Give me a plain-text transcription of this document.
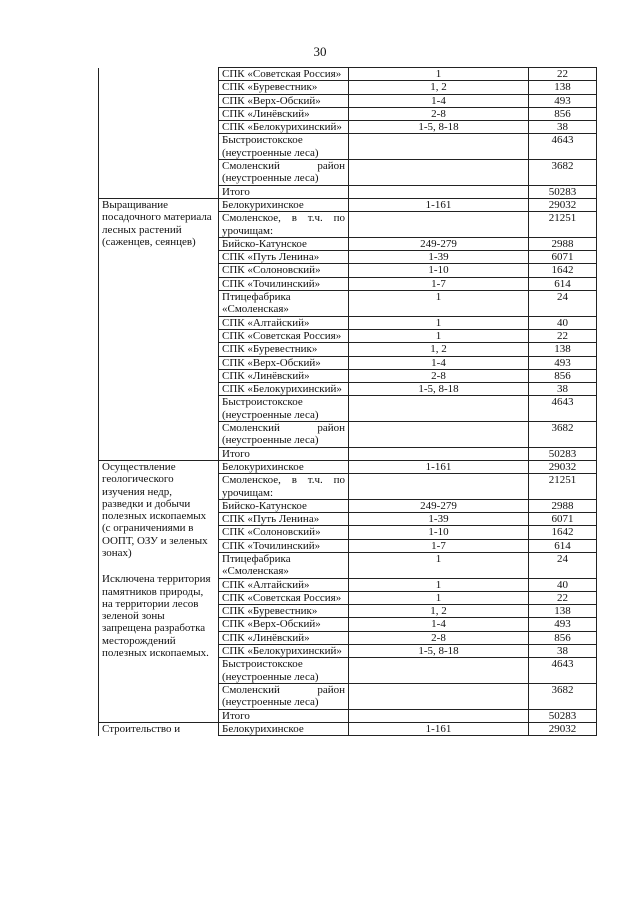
30
	СПК «Советская Россия»	1	22
	СПК «Буревестник»	1, 2	138
	СПК «Верх-Обский»	1-4	493
	СПК «Линёвский»	2-8	856
	СПК «Белокурихинский»	1-5, 8-18	38
	Быстроистокское (неустроенные леса)		4643
	Смоленский район (неустроенные леса)		3682
	Итого		50283

Выращивание посадочного материала лесных растений (саженцев, сеянцев)	Белокурихинское	1-161	29032
	Смоленское, в т.ч. по урочищам:		21251
	Бийско-Катунское	249-279	2988
	СПК «Путь Ленина»	1-39	6071
	СПК «Солоновский»	1-10	1642
	СПК «Точилинский»	1-7	614
	Птицефабрика «Смоленская»	1	24
	СПК «Алтайский»	1	40
	СПК «Советская Россия»	1	22
	СПК «Буревестник»	1, 2	138
	СПК «Верх-Обский»	1-4	493
	СПК «Линёвский»	2-8	856
	СПК «Белокурихинский»	1-5, 8-18	38
	Быстроистокское (неустроенные леса)		4643
	Смоленский район (неустроенные леса)		3682
	Итого		50283

Осуществление геологического изучения недр, разведки и добычи полезных ископаемых (с ограничениями в ООПТ, ОЗУ и зеленых зонах)
Исключена территория памятников природы, на территории лесов зеленой зоны запрещена разработка месторождений полезных ископаемых.	Белокурихинское	1-161	29032
	Смоленское, в т.ч. по урочищам:		21251
	Бийско-Катунское	249-279	2988
	СПК «Путь Ленина»	1-39	6071
	СПК «Солоновский»	1-10	1642
	СПК «Точилинский»	1-7	614
	Птицефабрика «Смоленская»	1	24
	СПК «Алтайский»	1	40
	СПК «Советская Россия»	1	22
	СПК «Буревестник»	1, 2	138
	СПК «Верх-Обский»	1-4	493
	СПК «Линёвский»	2-8	856
	СПК «Белокурихинский»	1-5, 8-18	38
	Быстроистокское (неустроенные леса)		4643
	Смоленский район (неустроенные леса)		3682
	Итого		50283

Строительство и	Белокурихинское	1-161	29032
